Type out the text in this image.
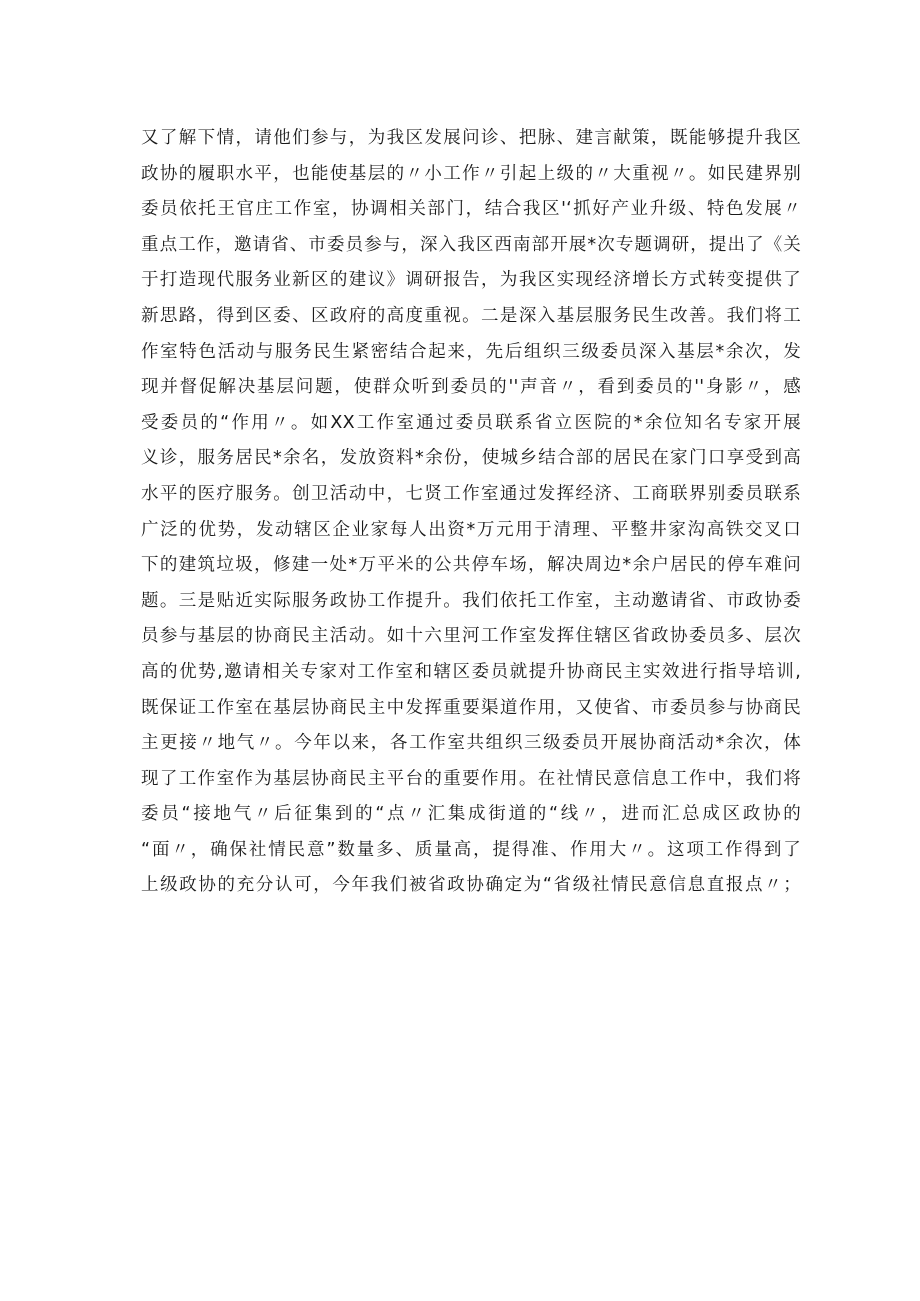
又了解下情，请他们参与，为我区发展问诊、把脉、建言献策，既能够提升我区
政协的履职水平，也能使基层的〃小工作〃引起上级的〃大重视〃。如民建界别
委员依托王官庄工作室，协调相关部门，结合我区'‘抓好产业升级、特色发展〃
重点工作，邀请省、市委员参与，深入我区西南部开展*次专题调研，提出了《关
于打造现代服务业新区的建议》调研报告，为我区实现经济增长方式转变提供了
新思路，得到区委、区政府的高度重视。二是深入基层服务民生改善。我们将工
作室特色活动与服务民生紧密结合起来，先后组织三级委员深入基层*余次，发
现并督促解决基层问题，使群众听到委员的''声音〃，看到委员的''身影〃，感
受委员的“作用〃。如XX工作室通过委员联系省立医院的*余位知名专家开展
义诊，服务居民*余名，发放资料*余份，使城乡结合部的居民在家门口享受到高
水平的医疗服务。创卫活动中，七贤工作室通过发挥经济、工商联界别委员联系
广泛的优势，发动辖区企业家每人出资*万元用于清理、平整井家沟高铁交叉口
下的建筑垃圾，修建一处*万平米的公共停车场，解决周边*余户居民的停车难问
题。三是贴近实际服务政协工作提升。我们依托工作室，主动邀请省、市政协委
员参与基层的协商民主活动。如十六里河工作室发挥住辖区省政协委员多、层次
高的优势,邀请相关专家对工作室和辖区委员就提升协商民主实效进行指导培训,
既保证工作室在基层协商民主中发挥重要渠道作用，又使省、市委员参与协商民
主更接〃地气〃。今年以来，各工作室共组织三级委员开展协商活动*余次，体
现了工作室作为基层协商民主平台的重要作用。在社情民意信息工作中，我们将
委员“接地气〃后征集到的“点〃汇集成街道的“线〃，进而汇总成区政协的
“面〃，确保社情民意”数量多、质量高，提得准、作用大〃。这项工作得到了
上级政协的充分认可，今年我们被省政协确定为“省级社情民意信息直报点〃；
